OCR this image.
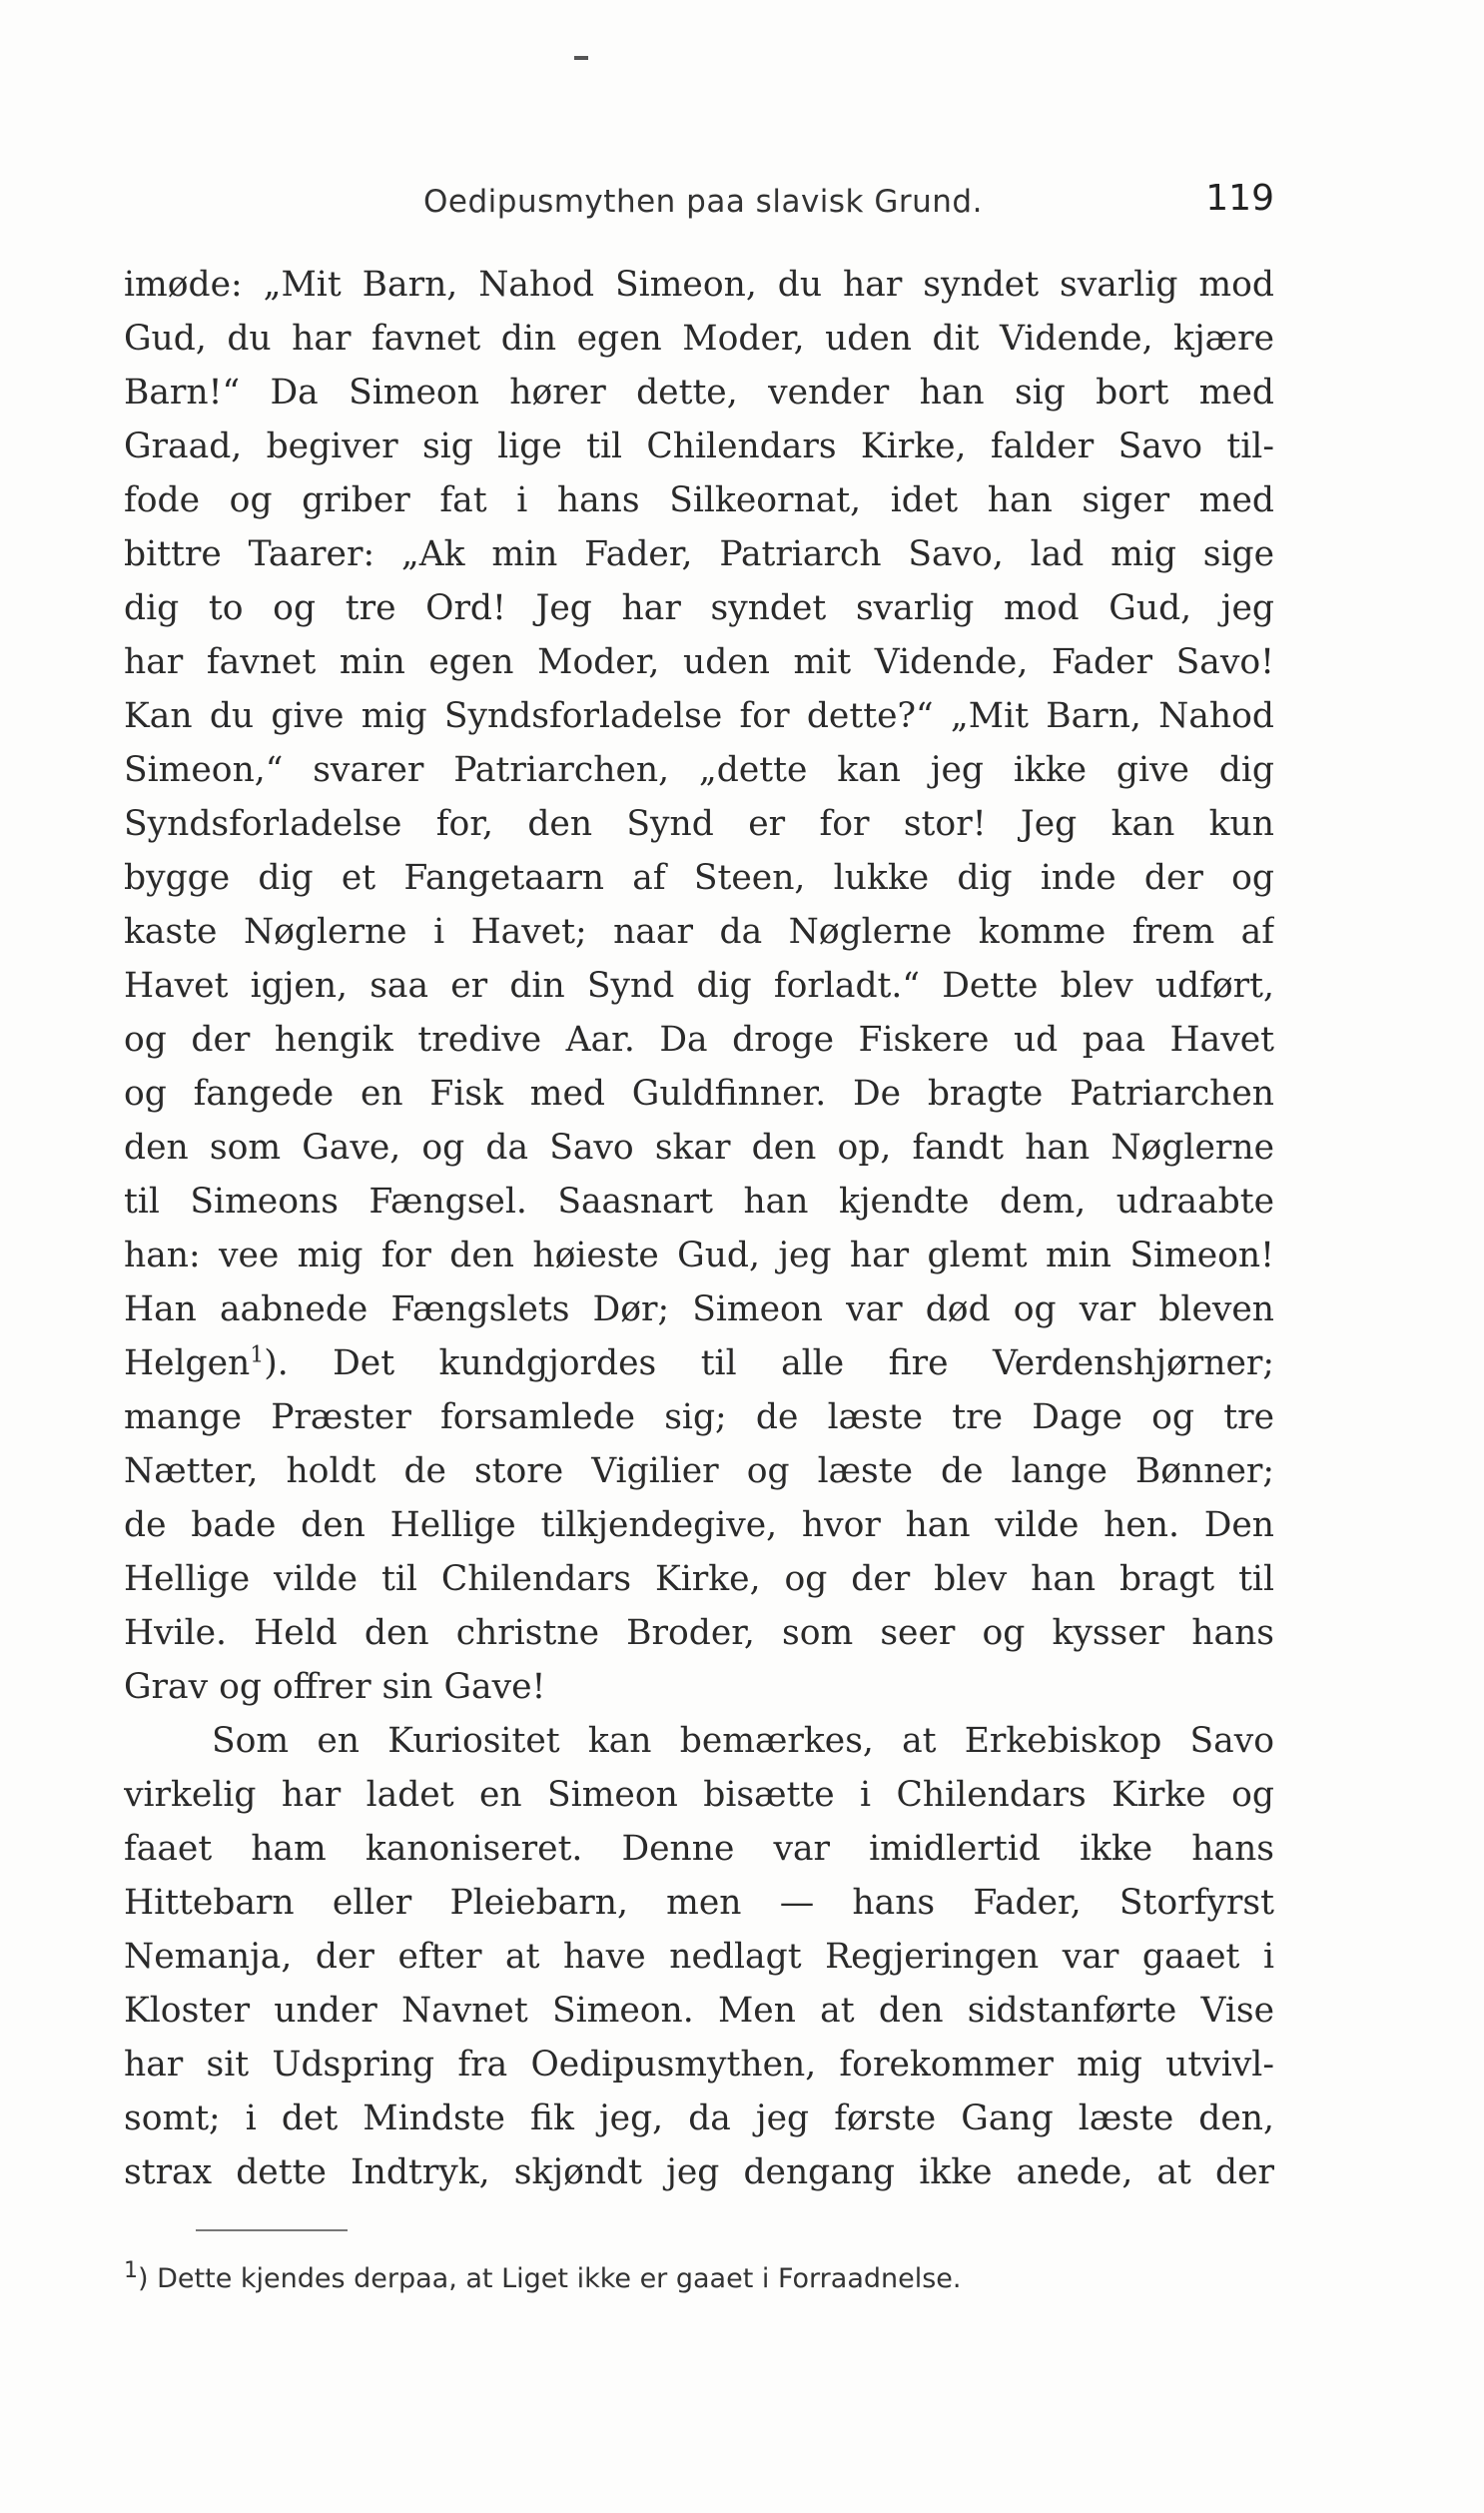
Oedipusmythen paa slavisk Grund.	119
imøde: „Mit Barn, Nahod Simeon, du har syndet svarlig mod
Gud, du har favnet din egen Moder, uden dit Vidende, kjære
Barn!“ Da Simeon hører dette, vender han sig bort med
Graad, begiver sig lige til Chilendars Kirke, falder Savo til-
fode og griber fat i hans Silkeornat, idet han siger med
bittre Taarer: „Ak min Fader, Patriarch Savo, lad mig sige
dig to og tre Ord! Jeg har syndet svarlig mod Gud, jeg
har favnet min egen Moder, uden mit Vidende, Fader Savo!
Kan du give mig Syndsforladelse for dette?“ „Mit Barn, Nahod
Simeon,“ svarer Patriarchen, „dette kan jeg ikke give dig
Syndsforladelse for, den Synd er for stor! Jeg kan kun
bygge dig et Fangetaarn af Steen, lukke dig inde der og
kaste Nøglerne i Havet; naar da Nøglerne komme frem af
Havet igjen, saa er din Synd dig forladt.“ Dette blev udført,
og der hengik tredive Aar. Da droge Fiskere ud paa Havet
og fangede en Fisk med Guldfinner. De bragte Patriarchen
den som Gave, og da Savo skar den op, fandt han Nøglerne
til Simeons Fængsel. Saasnart han kjendte dem, udraabte
han: vee mig for den høieste Gud, jeg har glemt min Simeon!
Han aabnede Fængslets Dør; Simeon var død og var bleven
Helgen$^1$). Det kundgjordes til alle fire Verdenshjørner;
mange Præster forsamlede sig; de læste tre Dage og tre
Nætter, holdt de store Vigilier og læste de lange Bønner;
de bade den Hellige tilkjendegive, hvor han vilde hen. Den
Hellige vilde til Chilendars Kirke, og der blev han bragt til
Hvile. Held den christne Broder, som seer og kysser hans
Grav og offrer sin Gave!
Som en Kuriositet kan bemærkes, at Erkebiskop Savo
virkelig har ladet en Simeon bisætte i Chilendars Kirke og
faaet ham kanoniseret. Denne var imidlertid ikke hans
Hittebarn eller Pleiebarn, men — hans Fader, Storfyrst
Nemanja, der efter at have nedlagt Regjeringen var gaaet i
Kloster under Navnet Simeon. Men at den sidstanførte Vise
har sit Udspring fra Oedipusmythen, forekommer mig utvivl-
somt; i det Mindste fik jeg, da jeg første Gang læste den,
strax dette Indtryk, skjøndt jeg dengang ikke anede, at der
$^1$) Dette kjendes derpaa, at Liget ikke er gaaet i Forraadnelse.
